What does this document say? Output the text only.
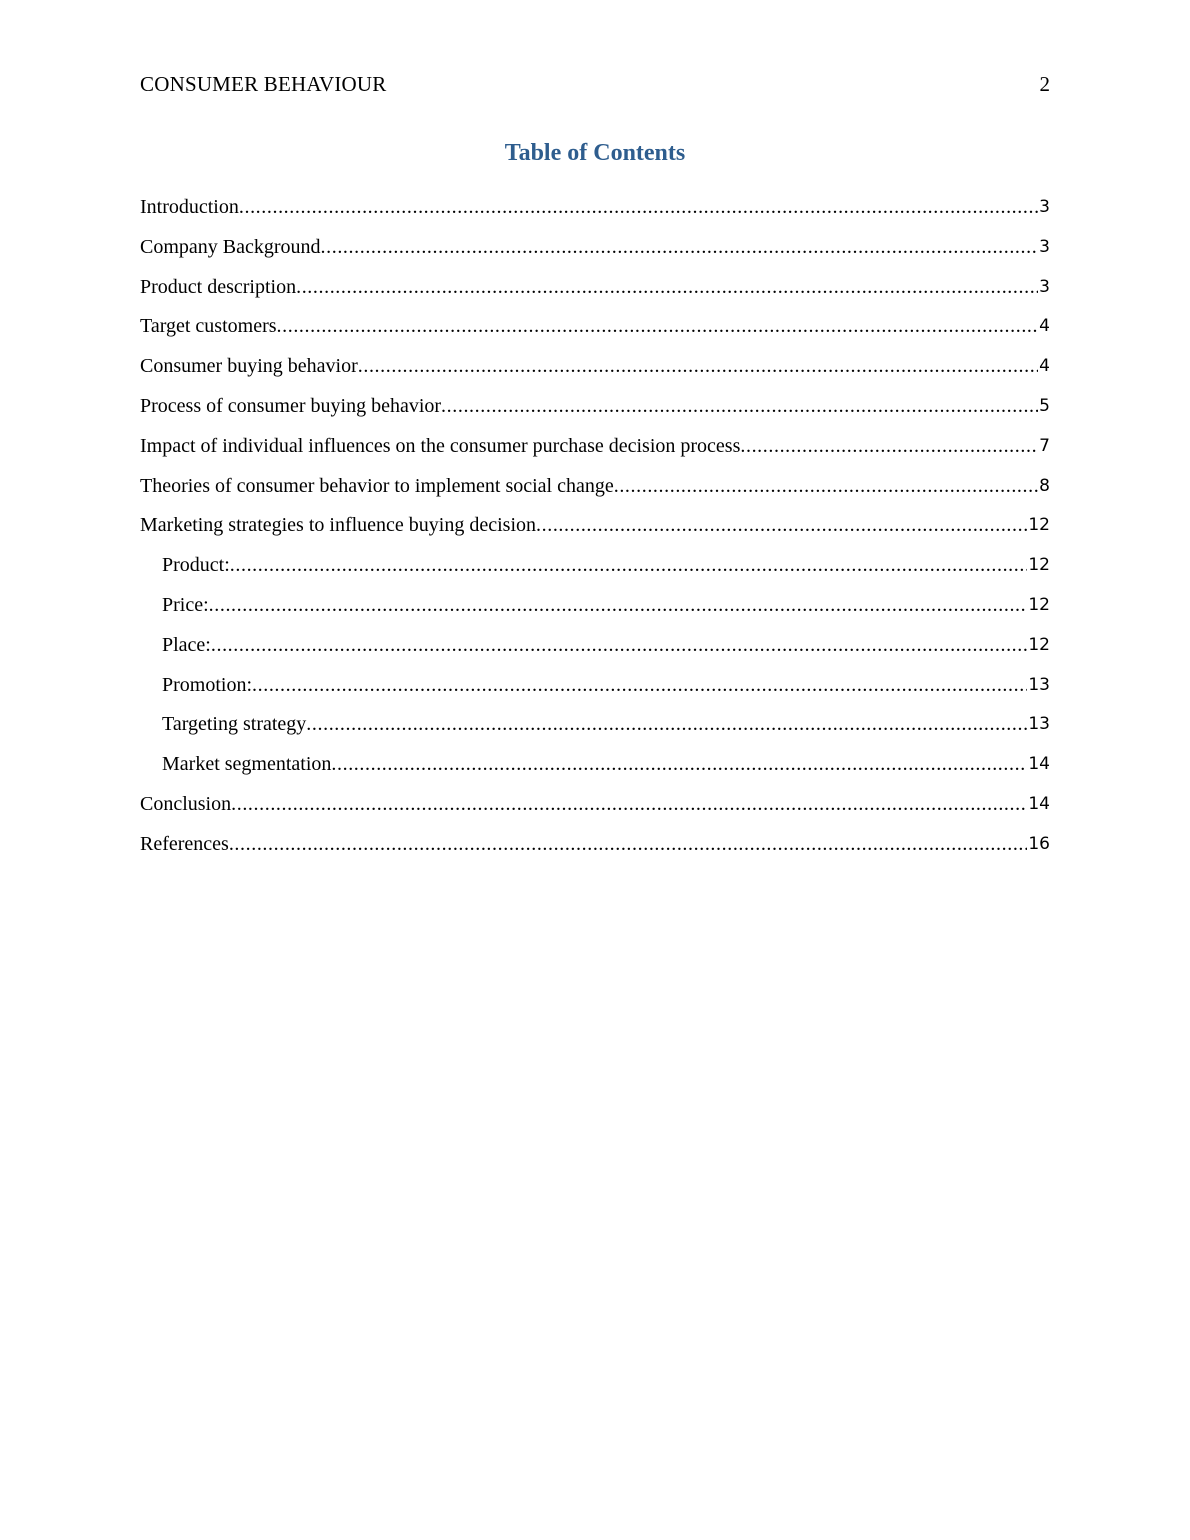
CONSUMER BEHAVIOUR	2
Table of Contents
Introduction .....	3
Company Background .....	3
Product description .....	3
Target customers .....	4
Consumer buying behavior .....	4
Process of consumer buying behavior .....	5
Impact of individual influences on the consumer purchase decision process .....	7
Theories of consumer behavior to implement social change .....	8
Marketing strategies to influence buying decision .....	12
Product: .....	12
Price: .....	12
Place: .....	12
Promotion: .....	13
Targeting strategy .....	13
Market segmentation .....	14
Conclusion .....	14
References .....	16
